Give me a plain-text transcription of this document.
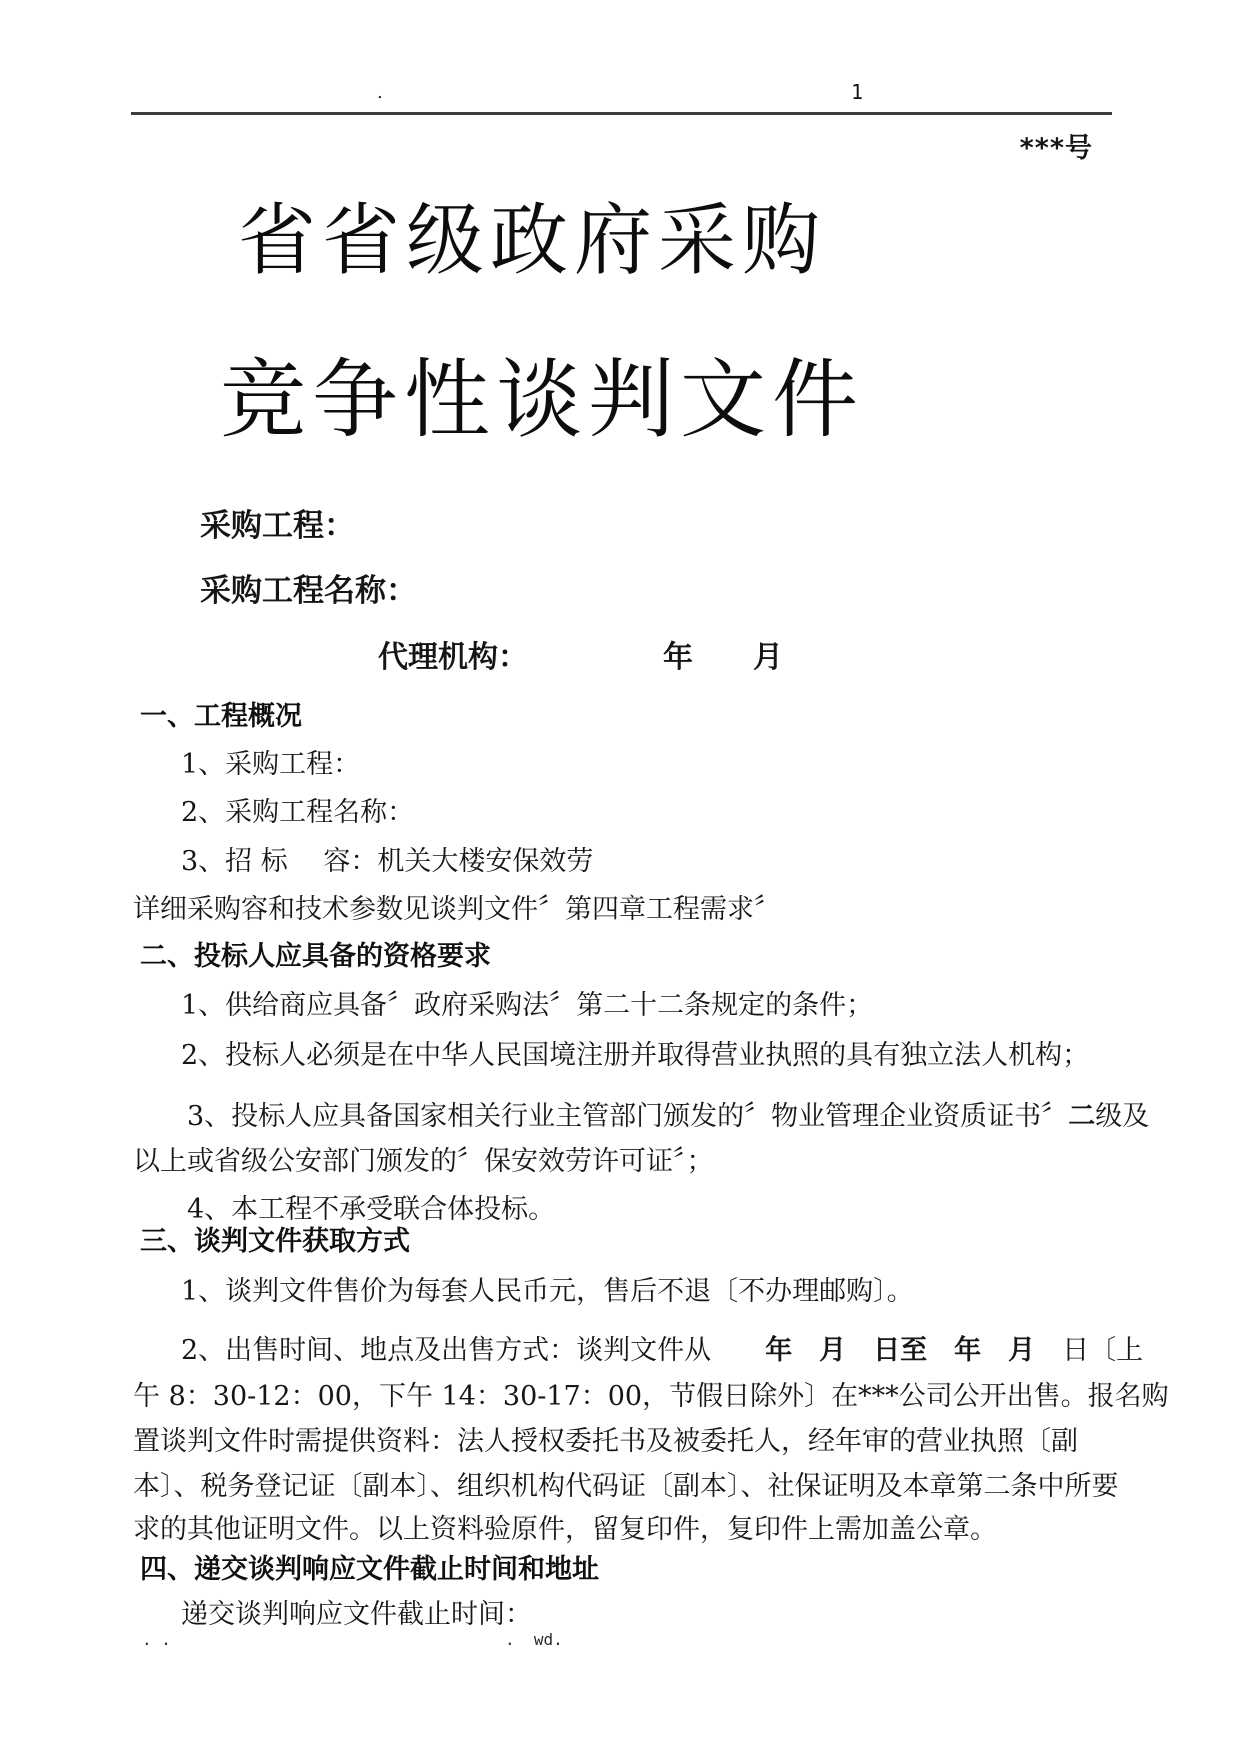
.	1
***号
省省级政府采购
竞争性谈判文件
采购工程：
采购工程名称：
代理机构：　　　　　年　　月
一、工程概况
1、采购工程：
2、采购工程名称：
3、招 标　 容：机关大楼安保效劳
详细采购容和技术参数见谈判文件〞第四章工程需求〞
二、投标人应具备的资格要求
1、供给商应具备〞政府采购法〞第二十二条规定的条件；
2、投标人必须是在中华人民国境注册并取得营业执照的具有独立法人机构；
3、投标人应具备国家相关行业主管部门颁发的〞物业管理企业资质证书〞二级及
以上或省级公安部门颁发的〞保安效劳许可证〞；
4、本工程不承受联合体投标。
三、谈判文件获取方式
1、谈判文件售价为每套人民币元，售后不退〔不办理邮购〕。
2、出售时间、地点及出售方式：谈判文件从　　年　月　日至　年　月　日〔上
午 8：30-12：00，下午 14：30-17：00，节假日除外〕在***公司公开出售。报名购
置谈判文件时需提供资料：法人授权委托书及被委托人，经年审的营业执照〔副
本〕、税务登记证〔副本〕、组织机构代码证〔副本〕、社保证明及本章第二条中所要
求的其他证明文件。以上资料验原件，留复印件，复印件上需加盖公章。
四、递交谈判响应文件截止时间和地址
递交谈判响应文件截止时间：
. .	.  wd.
